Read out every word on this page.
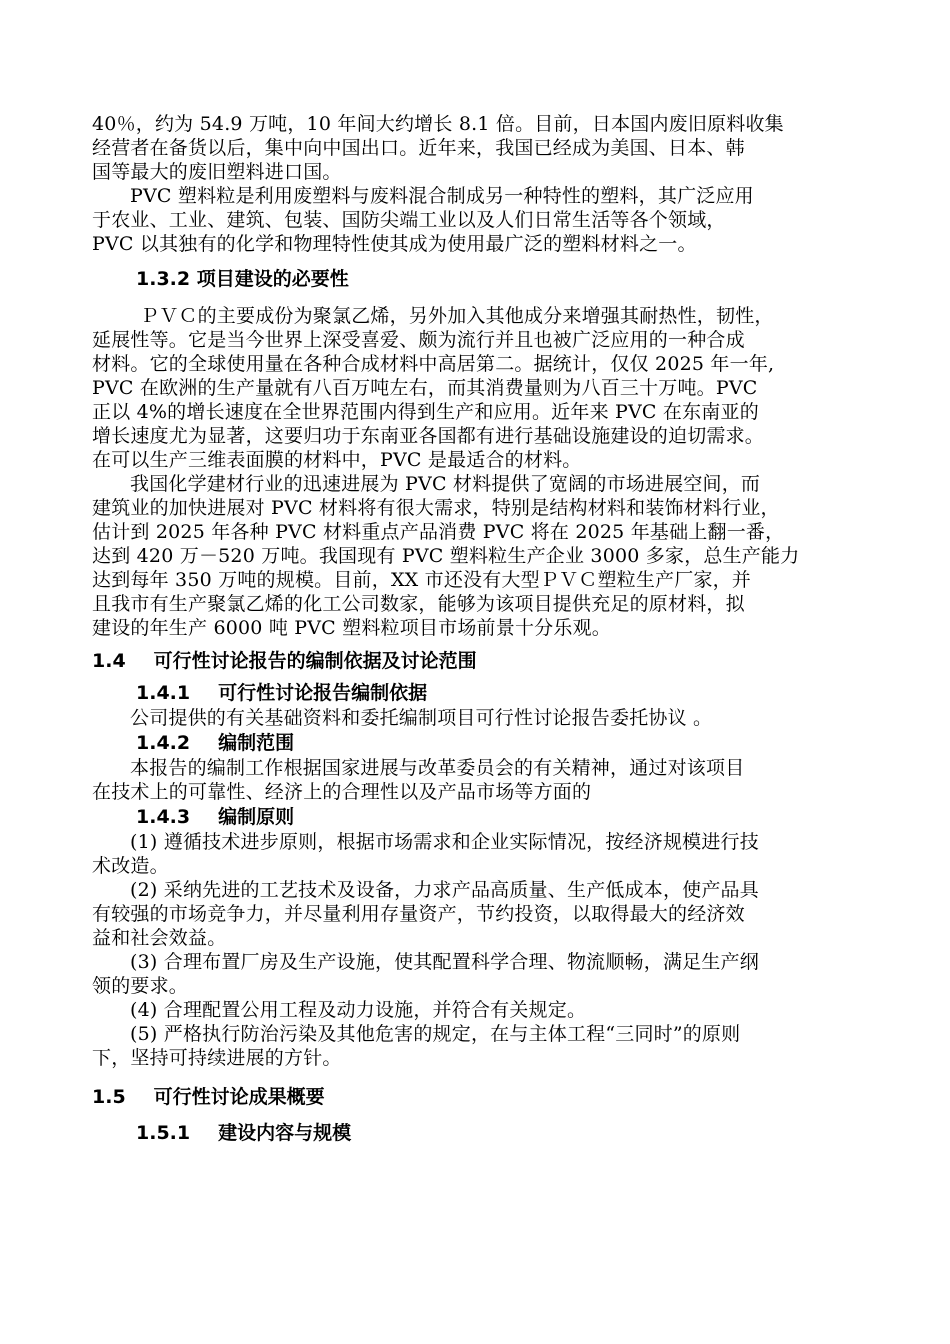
40％，约为 54.9 万吨，10 年间大约增长 8.1 倍。目前，日本国内废旧原料收集
经营者在备货以后，集中向中国出口。近年来，我国已经成为美国、日本、韩
国等最大的废旧塑料进口国。
PVC 塑料粒是利用废塑料与废料混合制成另一种特性的塑料，其广泛应用
于农业、工业、建筑、包装、国防尖端工业以及人们日常生活等各个领域，
PVC 以其独有的化学和物理特性使其成为使用最广泛的塑料材料之一。
1.3.2 项目建设的必要性
ＰＶＣ的主要成份为聚氯乙烯，另外加入其他成分来增强其耐热性，韧性，
延展性等。它是当今世界上深受喜爱、颇为流行并且也被广泛应用的一种合成
材料。它的全球使用量在各种合成材料中高居第二。据统计，仅仅 2025 年一年,
PVC 在欧洲的生产量就有八百万吨左右，而其消费量则为八百三十万吨。PVC
正以 4%的增长速度在全世界范围内得到生产和应用。近年来 PVC 在东南亚的
增长速度尤为显著，这要归功于东南亚各国都有进行基础设施建设的迫切需求。
在可以生产三维表面膜的材料中，PVC 是最适合的材料。
我国化学建材行业的迅速进展为 PVC 材料提供了宽阔的市场进展空间，而
建筑业的加快进展对 PVC 材料将有很大需求，特别是结构材料和装饰材料行业，
估计到 2025 年各种 PVC 材料重点产品消费 PVC 将在 2025 年基础上翻一番，
达到 420 万－520 万吨。我国现有 PVC 塑料粒生产企业 3000 多家，总生产能力
达到每年 350 万吨的规模。目前，XX 市还没有大型ＰＶＣ塑粒生产厂家，并
且我市有生产聚氯乙烯的化工公司数家，能够为该项目提供充足的原材料，拟
建设的年生产 6000 吨 PVC 塑料粒项目市场前景十分乐观。
1.4 可行性讨论报告的编制依据及讨论范围
1.4.1 可行性讨论报告编制依据
公司提供的有关基础资料和委托编制项目可行性讨论报告委托协议 。
1.4.2 编制范围
本报告的编制工作根据国家进展与改革委员会的有关精神，通过对该项目
在技术上的可靠性、经济上的合理性以及产品市场等方面的
1.4.3 编制原则
(1) 遵循技术进步原则，根据市场需求和企业实际情况，按经济规模进行技
术改造。
(2) 采纳先进的工艺技术及设备，力求产品高质量、生产低成本，使产品具
有较强的市场竞争力，并尽量利用存量资产，节约投资，以取得最大的经济效
益和社会效益。
(3) 合理布置厂房及生产设施，使其配置科学合理、物流顺畅，满足生产纲
领的要求。
(4) 合理配置公用工程及动力设施，并符合有关规定。
(5) 严格执行防治污染及其他危害的规定，在与主体工程“三同时”的原则
下，坚持可持续进展的方针。
1.5 可行性讨论成果概要
1.5.1 建设内容与规模
